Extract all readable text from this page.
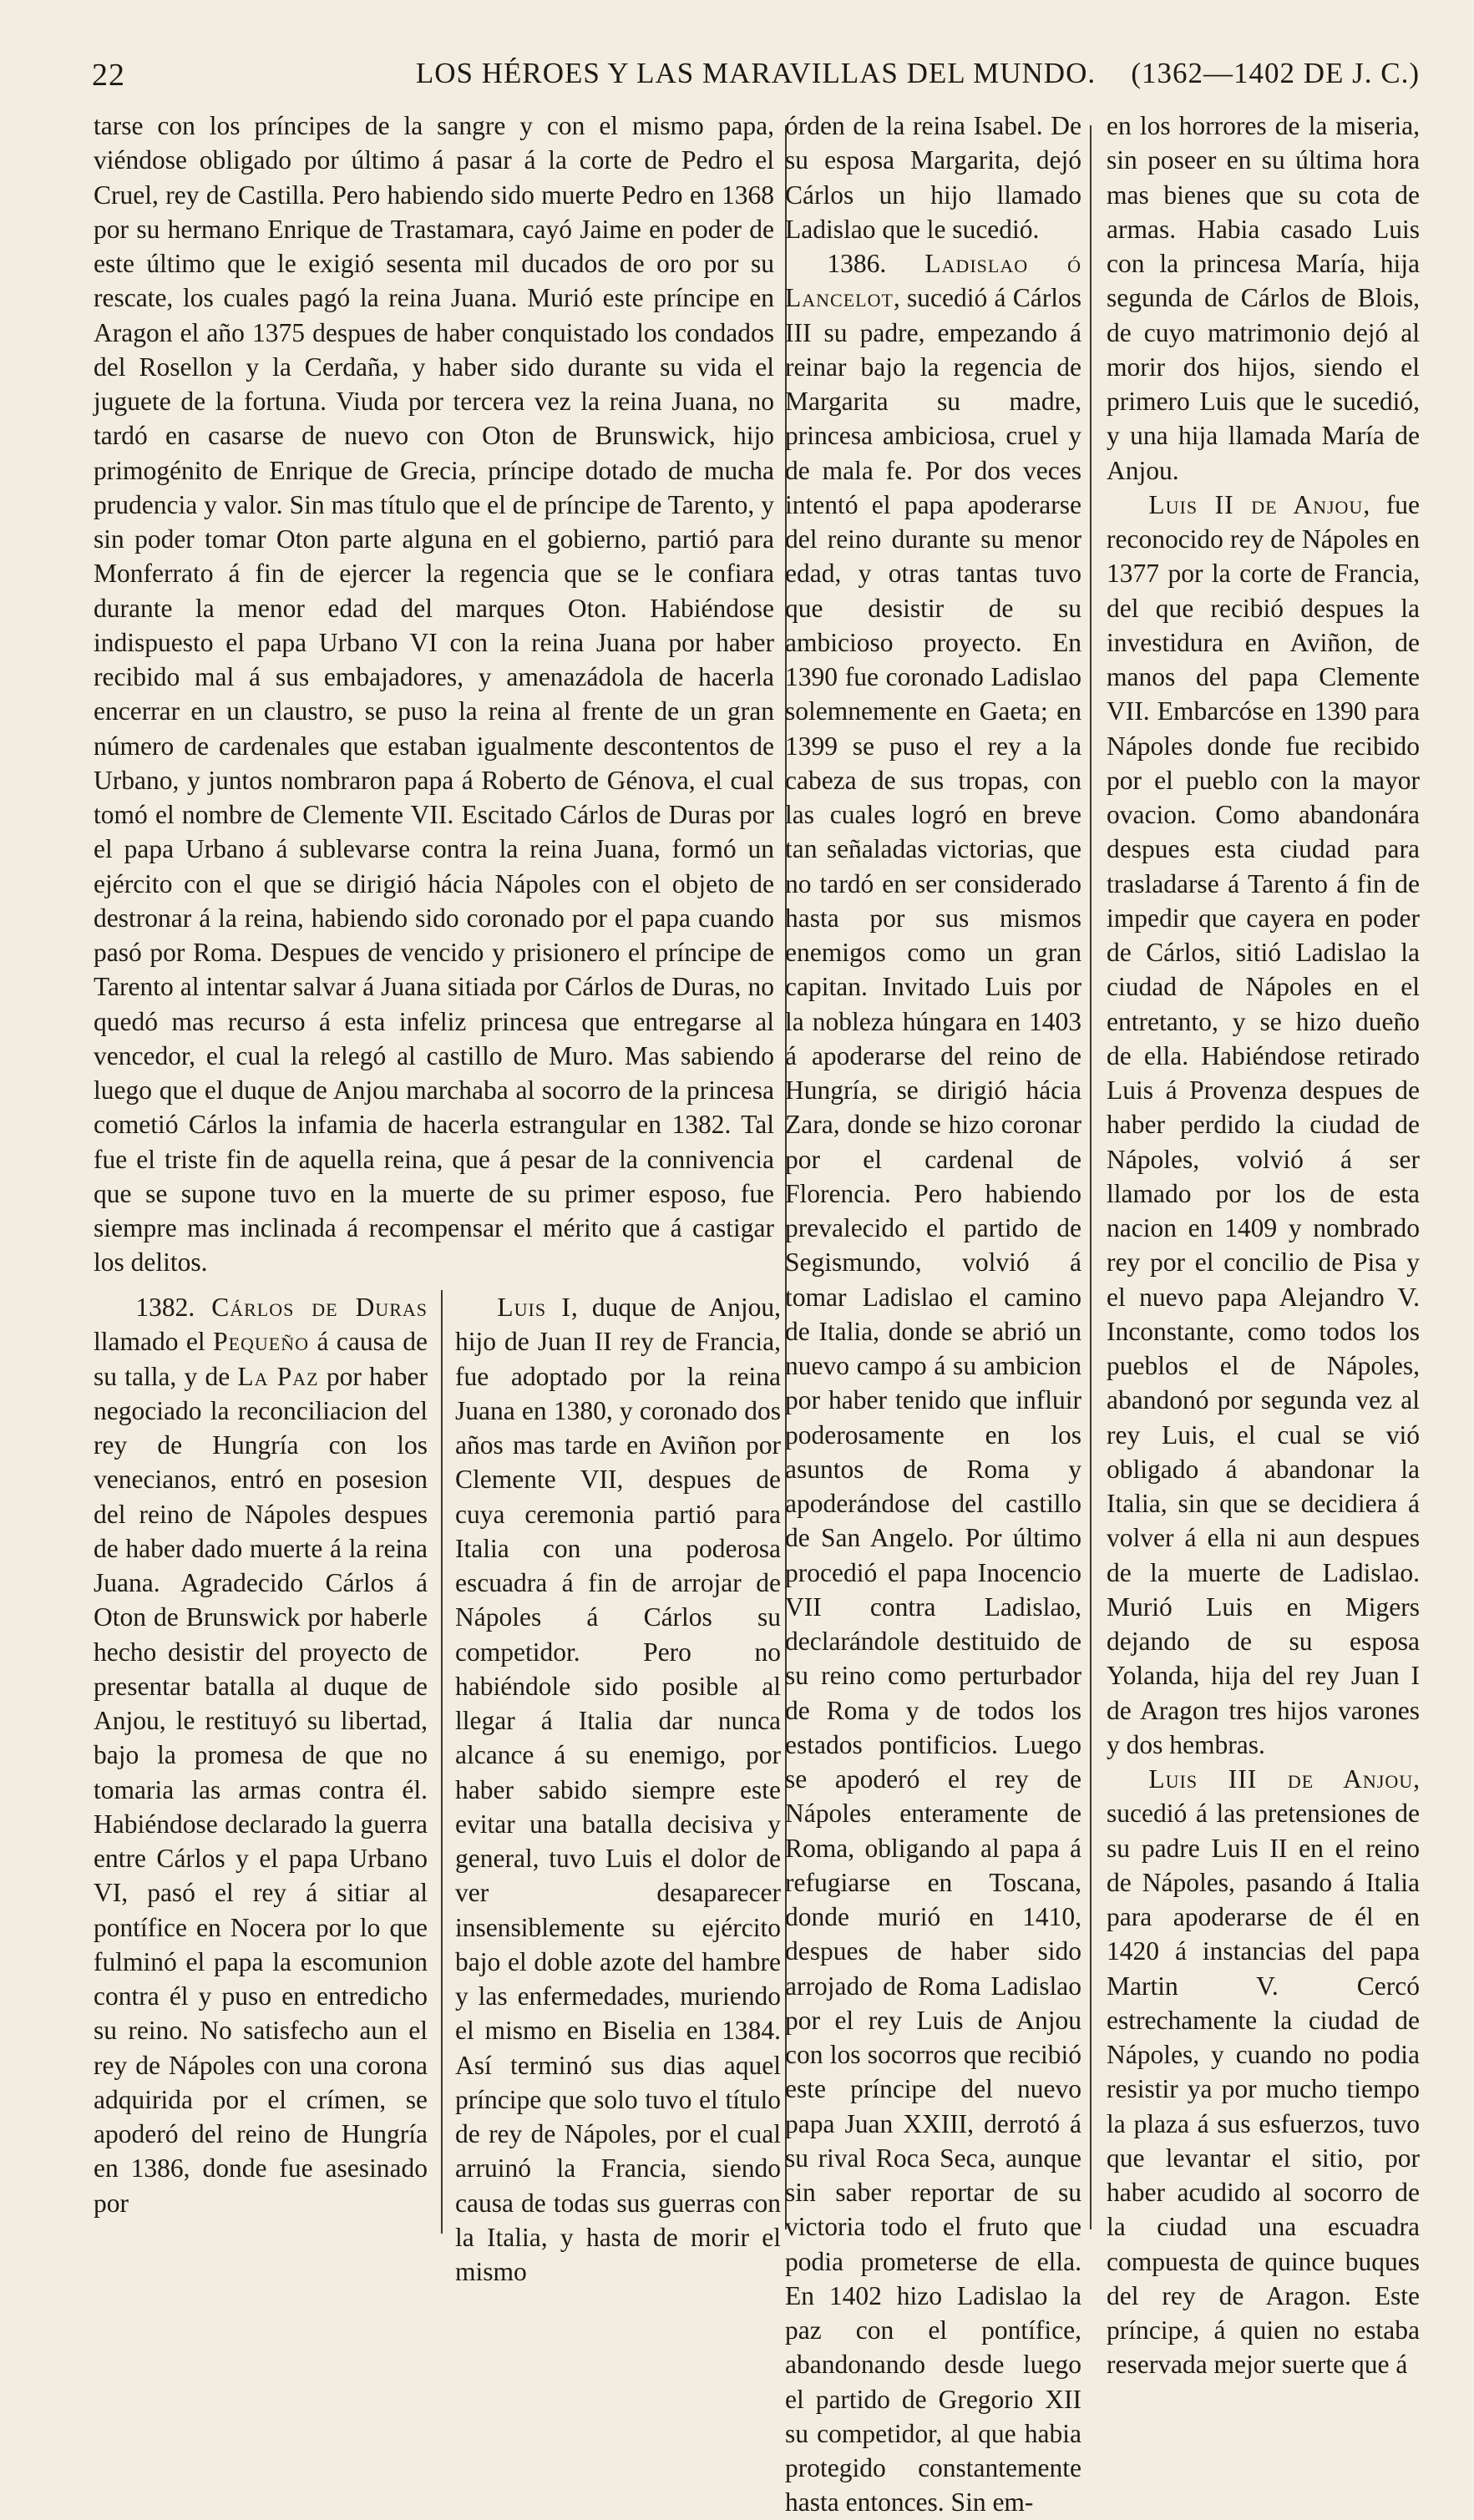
22	LOS HÉROES Y LAS MARAVILLAS DEL MUNDO.	(1362—1402 DE J. C.)

tarse con los príncipes de la sangre y con el mismo papa, viéndose obligado por último á pasar á la corte de Pedro el Cruel, rey de Castilla. Pero habiendo sido muerte Pedro en 1368 por su hermano Enrique de Trastamara, cayó Jaime en poder de este último que le exigió sesenta mil ducados de oro por su rescate, los cuales pagó la reina Juana. Murió este príncipe en Aragon el año 1375 despues de haber conquistado los condados del Rosellon y la Cerdaña, y haber sido durante su vida el juguete de la fortuna. Viuda por tercera vez la reina Juana, no tardó en casarse de nuevo con Oton de Brunswick, hijo primogénito de Enrique de Grecia, príncipe dotado de mucha prudencia y valor. Sin mas título que el de príncipe de Tarento, y sin poder tomar Oton parte alguna en el gobierno, partió para Monferrato á fin de ejercer la regencia que se le confiara durante la menor edad del marques Oton. Habiéndose indispuesto el papa Urbano VI con la reina Juana por haber recibido mal á sus embajadores, y amenazádola de hacerla encerrar en un claustro, se puso la reina al frente de un gran número de cardenales que estaban igualmente descontentos de Urbano, y juntos nombraron papa á Roberto de Génova, el cual tomó el nombre de Clemente VII. Escitado Cárlos de Duras por el papa Urbano á sublevarse contra la reina Juana, formó un ejército con el que se dirigió hácia Nápoles con el objeto de destronar á la reina, habiendo sido coronado por el papa cuando pasó por Roma. Despues de vencido y prisionero el príncipe de Tarento al intentar salvar á Juana sitiada por Cárlos de Duras, no quedó mas recurso á esta infeliz princesa que entregarse al vencedor, el cual la relegó al castillo de Muro. Mas sabiendo luego que el duque de Anjou marchaba al socorro de la princesa cometió Cárlos la infamia de hacerla estrangular en 1382. Tal fue el triste fin de aquella reina, que á pesar de la connivencia que se supone tuvo en la muerte de su primer esposo, fue siempre mas inclinada á recompensar el mérito que á castigar los delitos.

1382. Cárlos de Duras llamado el Pequeño á causa de su talla, y de La Paz por haber negociado la reconciliacion del rey de Hungría con los venecianos, entró en posesion del reino de Nápoles despues de haber dado muerte á la reina Juana. Agradecido Cárlos á Oton de Brunswick por haberle hecho desistir del proyecto de presentar batalla al duque de Anjou, le restituyó su libertad, bajo la promesa de que no tomaria las armas contra él. Habiéndose declarado la guerra entre Cárlos y el papa Urbano VI, pasó el rey á sitiar al pontífice en Nocera por lo que fulminó el papa la escomunion contra él y puso en entredicho su reino. No satisfecho aun el rey de Nápoles con una corona adquirida por el crímen, se apoderó del reino de Hungría en 1386, donde fue asesinado por

Luis I, duque de Anjou, hijo de Juan II rey de Francia, fue adoptado por la reina Juana en 1380, y coronado dos años mas tarde en Aviñon por Clemente VII, despues de cuya ceremonia partió para Italia con una poderosa escuadra á fin de arrojar de Nápoles á Cárlos su competidor. Pero no habiéndole sido posible al llegar á Italia dar nunca alcance á su enemigo, por haber sabido siempre este evitar una batalla decisiva y general, tuvo Luis el dolor de ver desaparecer insensiblemente su ejército bajo el doble azote del hambre y las enfermedades, muriendo el mismo en Biselia en 1384. Así terminó sus dias aquel príncipe que solo tuvo el título de rey de Nápoles, por el cual arruinó la Francia, siendo causa de todas sus guerras con la Italia, y hasta de morir el mismo

órden de la reina Isabel. De su esposa Margarita, dejó Cárlos un hijo llamado Ladislao que le sucedió.

1386. Ladislao ó Lancelot, sucedió á Cárlos III su padre, empezando á reinar bajo la regencia de Margarita su madre, princesa ambiciosa, cruel y de mala fe. Por dos veces intentó el papa apoderarse del reino durante su menor edad, y otras tantas tuvo que desistir de su ambicioso proyecto. En 1390 fue coronado Ladislao solemnemente en Gaeta; en 1399 se puso el rey a la cabeza de sus tropas, con las cuales logró en breve tan señaladas victorias, que no tardó en ser considerado hasta por sus mismos enemigos como un gran capitan. Invitado Luis por la nobleza húngara en 1403 á apoderarse del reino de Hungría, se dirigió hácia Zara, donde se hizo coronar por el cardenal de Florencia. Pero habiendo prevalecido el partido de Segismundo, volvió á tomar Ladislao el camino de Italia, donde se abrió un nuevo campo á su ambicion por haber tenido que influir poderosamente en los asuntos de Roma y apoderándose del castillo de San Angelo. Por último procedió el papa Inocencio VII contra Ladislao, declarándole destituido de su reino como perturbador de Roma y de todos los estados pontificios. Luego se apoderó el rey de Nápoles enteramente de Roma, obligando al papa á refugiarse en Toscana, donde murió en 1410, despues de haber sido arrojado de Roma Ladislao por el rey Luis de Anjou con los socorros que recibió este príncipe del nuevo papa Juan XXIII, derrotó á su rival Roca Seca, aunque sin saber reportar de su victoria todo el fruto que podia prometerse de ella. En 1402 hizo Ladislao la paz con el pontífice, abandonando desde luego el partido de Gregorio XII su competidor, al que habia protegido constantemente hasta entonces. Sin em-

en los horrores de la miseria, sin poseer en su última hora mas bienes que su cota de armas. Habia casado Luis con la princesa María, hija segunda de Cárlos de Blois, de cuyo matrimonio dejó al morir dos hijos, siendo el primero Luis que le sucedió, y una hija llamada María de Anjou.

Luis II de Anjou, fue reconocido rey de Nápoles en 1377 por la corte de Francia, del que recibió despues la investidura en Aviñon, de manos del papa Clemente VII. Embarcóse en 1390 para Nápoles donde fue recibido por el pueblo con la mayor ovacion. Como abandonára despues esta ciudad para trasladarse á Tarento á fin de impedir que cayera en poder de Cárlos, sitió Ladislao la ciudad de Nápoles en el entretanto, y se hizo dueño de ella. Habiéndose retirado Luis á Provenza despues de haber perdido la ciudad de Nápoles, volvió á ser llamado por los de esta nacion en 1409 y nombrado rey por el concilio de Pisa y el nuevo papa Alejandro V. Inconstante, como todos los pueblos el de Nápoles, abandonó por segunda vez al rey Luis, el cual se vió obligado á abandonar la Italia, sin que se decidiera á volver á ella ni aun despues de la muerte de Ladislao. Murió Luis en Migers dejando de su esposa Yolanda, hija del rey Juan I de Aragon tres hijos varones y dos hembras.

Luis III de Anjou, sucedió á las pretensiones de su padre Luis II en el reino de Nápoles, pasando á Italia para apoderarse de él en 1420 á instancias del papa Martin V. Cercó estrechamente la ciudad de Nápoles, y cuando no podia resistir ya por mucho tiempo la plaza á sus esfuerzos, tuvo que levantar el sitio, por haber acudido al socorro de la ciudad una escuadra compuesta de quince buques del rey de Aragon. Este príncipe, á quien no estaba reservada mejor suerte que á
